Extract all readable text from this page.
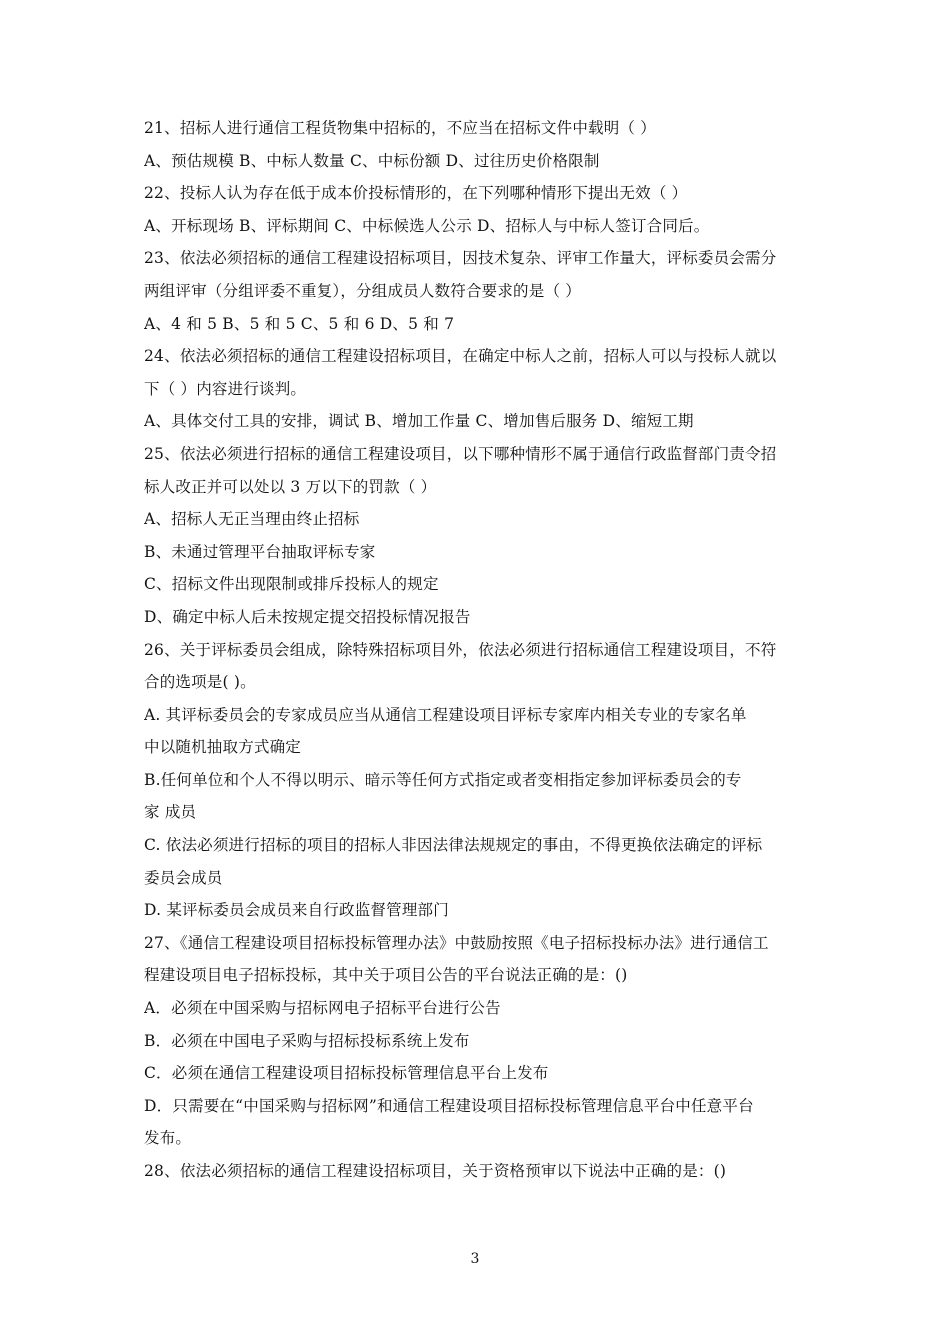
21、招标人进行通信工程货物集中招标的，不应当在招标文件中载明（ ）
A、预估规模 B、中标人数量 C、中标份额 D、过往历史价格限制
22、投标人认为存在低于成本价投标情形的，在下列哪种情形下提出无效（ ）
A、开标现场 B、评标期间 C、中标候选人公示 D、招标人与中标人签订合同后。
23、依法必须招标的通信工程建设招标项目，因技术复杂、评审工作量大，评标委员会需分
两组评审（分组评委不重复），分组成员人数符合要求的是（ ）
A、4 和 5 B、5 和 5 C、5 和 6 D、5 和 7
24、依法必须招标的通信工程建设招标项目，在确定中标人之前，招标人可以与投标人就以
下（ ）内容进行谈判。
A、具体交付工具的安排，调试 B、增加工作量 C、增加售后服务 D、缩短工期
25、依法必须进行招标的通信工程建设项目，以下哪种情形不属于通信行政监督部门责令招
标人改正并可以处以 3 万以下的罚款（ ）
A、招标人无正当理由终止招标
B、未通过管理平台抽取评标专家
C、招标文件出现限制或排斥投标人的规定
D、确定中标人后未按规定提交招投标情况报告
26、关于评标委员会组成，除特殊招标项目外，依法必须进行招标通信工程建设项目，不符
合的选项是( )。
A. 其评标委员会的专家成员应当从通信工程建设项目评标专家库内相关专业的专家名单
中以随机抽取方式确定
B.任何单位和个人不得以明示、暗示等任何方式指定或者变相指定参加评标委员会的专
家 成员
C. 依法必须进行招标的项目的招标人非因法律法规规定的事由，不得更换依法确定的评标
委员会成员
D. 某评标委员会成员来自行政监督管理部门
27、《通信工程建设项目招标投标管理办法》中鼓励按照《电子招标投标办法》进行通信工
程建设项目电子招标投标，其中关于项目公告的平台说法正确的是：()
A．必须在中国采购与招标网电子招标平台进行公告
B．必须在中国电子采购与招标投标系统上发布
C．必须在通信工程建设项目招标投标管理信息平台上发布
D．只需要在“中国采购与招标网”和通信工程建设项目招标投标管理信息平台中任意平台
发布。
28、依法必须招标的通信工程建设招标项目，关于资格预审以下说法中正确的是：()
3
